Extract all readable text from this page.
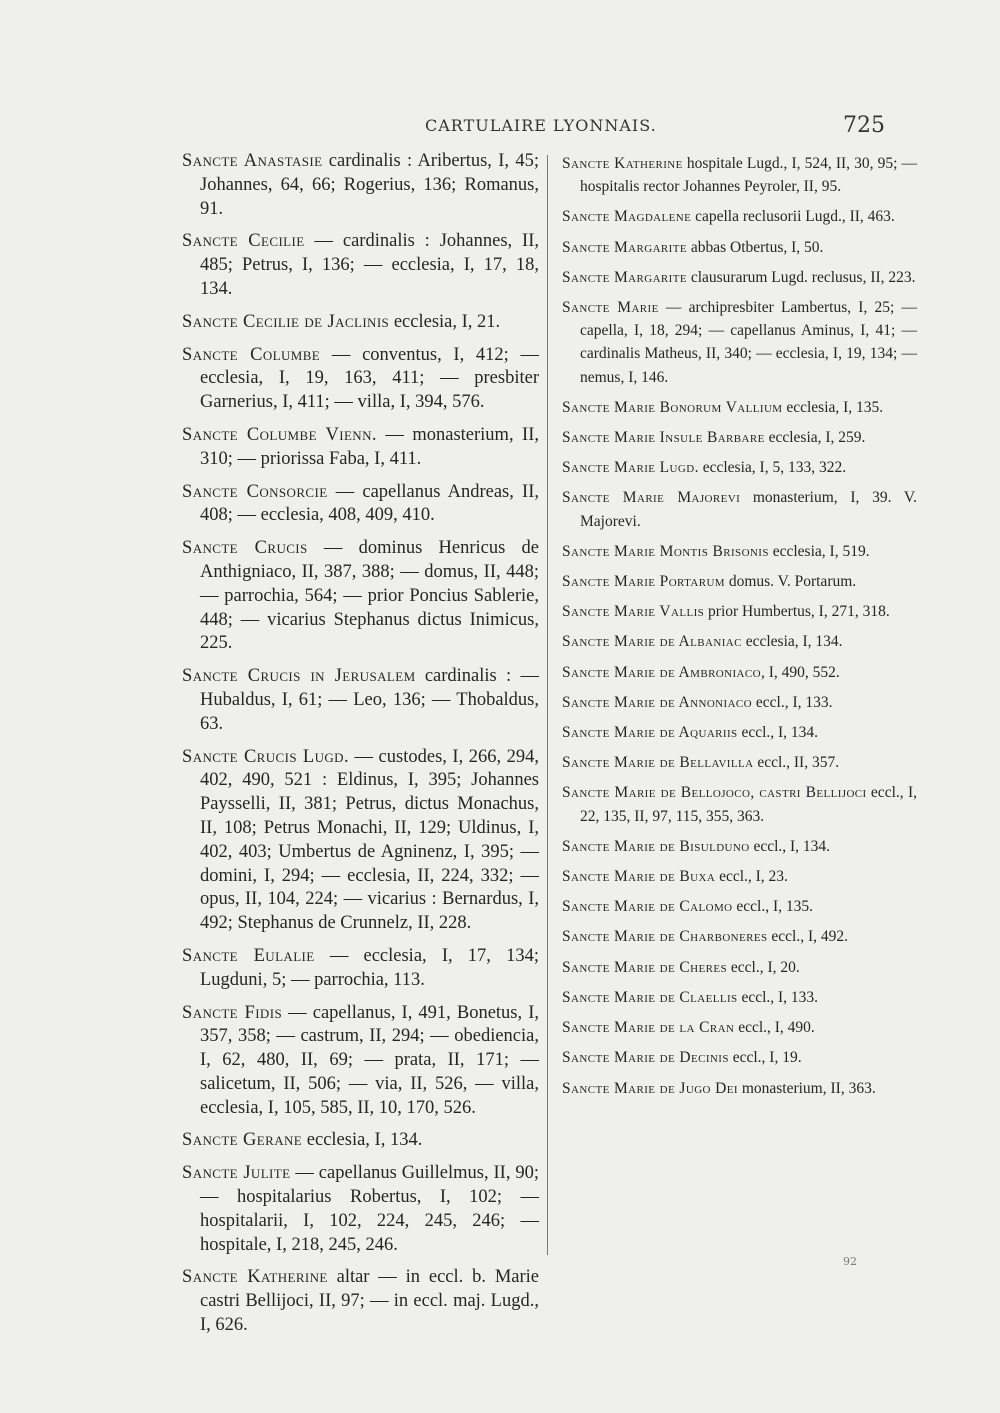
CARTULAIRE LYONNAIS.	725

Sancte Anastasie cardinalis : Aribertus, I, 45; Johannes, 64, 66; Rogerius, 136; Romanus, 91.

Sancte Cecilie — cardinalis : Johannes, II, 485; Petrus, I, 136; — ecclesia, I, 17, 18, 134.

Sancte Cecilie de Jaclinis ecclesia, I, 21.

Sancte Columbe — conventus, I, 412; — ecclesia, I, 19, 163, 411; — presbiter Garnerius, I, 411; — villa, I, 394, 576.

Sancte Columbe Vienn. — monasterium, II, 310; — priorissa Faba, I, 411.

Sancte Consorcie — capellanus Andreas, II, 408; — ecclesia, 408, 409, 410.

Sancte Crucis — dominus Henricus de Anthigniaco, II, 387, 388; — domus, II, 448; — parrochia, 564; — prior Poncius Sablerie, 448; — vicarius Stephanus dictus Inimicus, 225.

Sancte Crucis in Jerusalem cardinalis : — Hubaldus, I, 61; — Leo, 136; — Thobaldus, 63.

Sancte Crucis Lugd. — custodes, I, 266, 294, 402, 490, 521 : Eldinus, I, 395; Johannes Paysselli, II, 381; Petrus, dictus Monachus, II, 108; Petrus Monachi, II, 129; Uldinus, I, 402, 403; Umbertus de Agninenz, I, 395; — domini, I, 294; — ecclesia, II, 224, 332; — opus, II, 104, 224; — vicarius : Bernardus, I, 492; Stephanus de Crunnelz, II, 228.

Sancte Eulalie — ecclesia, I, 17, 134; Lugduni, 5; — parrochia, 113.

Sancte Fidis — capellanus, I, 491, Bonetus, I, 357, 358; — castrum, II, 294; — obediencia, I, 62, 480, II, 69; — prata, II, 171; — salicetum, II, 506; — via, II, 526, — villa, ecclesia, I, 105, 585, II, 10, 170, 526.

Sancte Gerane ecclesia, I, 134.

Sancte Julite — capellanus Guillelmus, II, 90; — hospitalarius Robertus, I, 102; — hospitalarii, I, 102, 224, 245, 246; — hospitale, I, 218, 245, 246.

Sancte Katherine altar — in eccl. b. Marie castri Bellijoci, II, 97; — in eccl. maj. Lugd., I, 626.

Sancte Katherine hospitale Lugd., I, 524, II, 30, 95; — hospitalis rector Johannes Peyroler, II, 95.

Sancte Magdalene capella reclusorii Lugd., II, 463.

Sancte Margarite abbas Otbertus, I, 50.

Sancte Margarite clausurarum Lugd. reclusus, II, 223.

Sancte Marie — archipresbiter Lambertus, I, 25; — capella, I, 18, 294; — capellanus Aminus, I, 41; — cardinalis Matheus, II, 340; — ecclesia, I, 19, 134; — nemus, I, 146.

Sancte Marie Bonorum Vallium ecclesia, I, 135.

Sancte Marie Insule Barbare ecclesia, I, 259.

Sancte Marie Lugd. ecclesia, I, 5, 133, 322.

Sancte Marie Majorevi monasterium, I, 39. V. Majorevi.

Sancte Marie Montis Brisonis ecclesia, I, 519.

Sancte Marie Portarum domus. V. Portarum.

Sancte Marie Vallis prior Humbertus, I, 271, 318.

Sancte Marie de Albaniac ecclesia, I, 134.

Sancte Marie de Ambroniaco, I, 490, 552.

Sancte Marie de Annoniaco eccl., I, 133.

Sancte Marie de Aquariis eccl., I, 134.

Sancte Marie de Bellavilla eccl., II, 357.

Sancte Marie de Bellojoco, castri Bellijoci eccl., I, 22, 135, II, 97, 115, 355, 363.

Sancte Marie de Bisulduno eccl., I, 134.

Sancte Marie de Buxa eccl., I, 23.

Sancte Marie de Calomo eccl., I, 135.

Sancte Marie de Charboneres eccl., I, 492.

Sancte Marie de Cheres eccl., I, 20.

Sancte Marie de Claellis eccl., I, 133.

Sancte Marie de la Cran eccl., I, 490.

Sancte Marie de Decinis eccl., I, 19.

Sancte Marie de Jugo Dei monasterium, II, 363.

92
